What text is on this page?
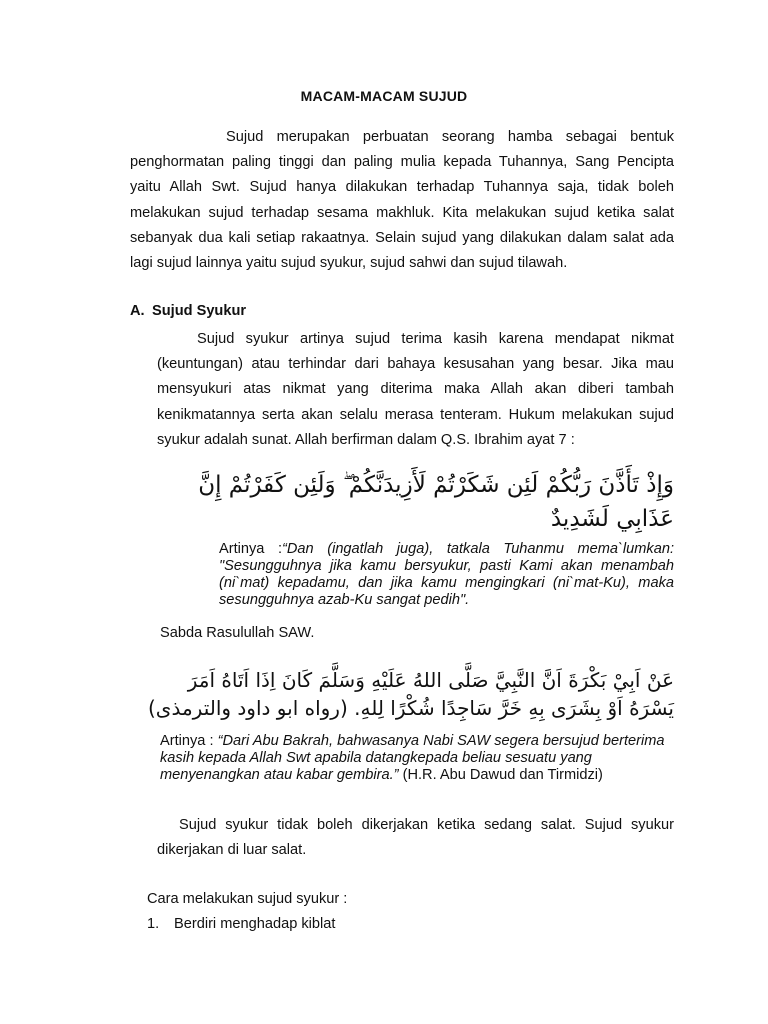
MACAM-MACAM SUJUD

Sujud merupakan perbuatan seorang hamba sebagai bentuk penghormatan paling tinggi dan paling mulia kepada Tuhannya, Sang Pencipta yaitu Allah Swt. Sujud hanya dilakukan terhadap Tuhannya saja, tidak boleh melakukan sujud terhadap sesama makhluk. Kita melakukan sujud ketika salat sebanyak dua kali setiap rakaatnya. Selain sujud yang dilakukan dalam salat ada lagi sujud lainnya yaitu sujud syukur, sujud sahwi dan sujud tilawah.

A. Sujud Syukur

Sujud syukur artinya sujud terima kasih karena mendapat nikmat (keuntungan) atau terhindar dari bahaya kesusahan yang besar. Jika mau mensyukuri atas nikmat yang diterima maka Allah akan diberi tambah kenikmatannya serta akan selalu merasa tenteram. Hukum melakukan sujud syukur adalah sunat. Allah berfirman dalam Q.S. Ibrahim ayat 7 :

وَإِذْ تَأَذَّنَ رَبُّكُمْ لَئِن شَكَرْتُمْ لَأَزِيدَنَّكُمْ ۖ وَلَئِن كَفَرْتُمْ إِنَّ عَذَابِي لَشَدِيدٌ
Artinya :“Dan (ingatlah juga), tatkala Tuhanmu mema`lumkan: "Sesungguhnya jika kamu bersyukur, pasti Kami akan menambah (ni`mat) kepadamu, dan jika kamu mengingkari (ni`mat-Ku), maka sesungguhnya azab-Ku sangat pedih".
Sabda Rasulullah SAW.
عَنْ اَبِيْ بَكْرَةَ اَنَّ النَّبِيَّ صَلَّى اللهُ عَلَيْهِ وَسَلَّمَ كَانَ اِذَا اَتَاهُ اَمَرَ يَسْرَهُ اَوْ بِشَرَى بِهِ خَرَّ سَاجِدًا شُكْرًا لِلهِ. (رواه ابو داود والترمذى)
Artinya : “Dari Abu Bakrah, bahwasanya Nabi SAW segera bersujud berterima kasih kepada Allah Swt apabila datangkepada beliau sesuatu yang menyenangkan atau kabar gembira.” (H.R. Abu Dawud dan Tirmidzi)

Sujud syukur tidak boleh dikerjakan ketika sedang salat. Sujud syukur dikerjakan di luar salat.

Cara melakukan sujud syukur :
1. Berdiri menghadap kiblat
